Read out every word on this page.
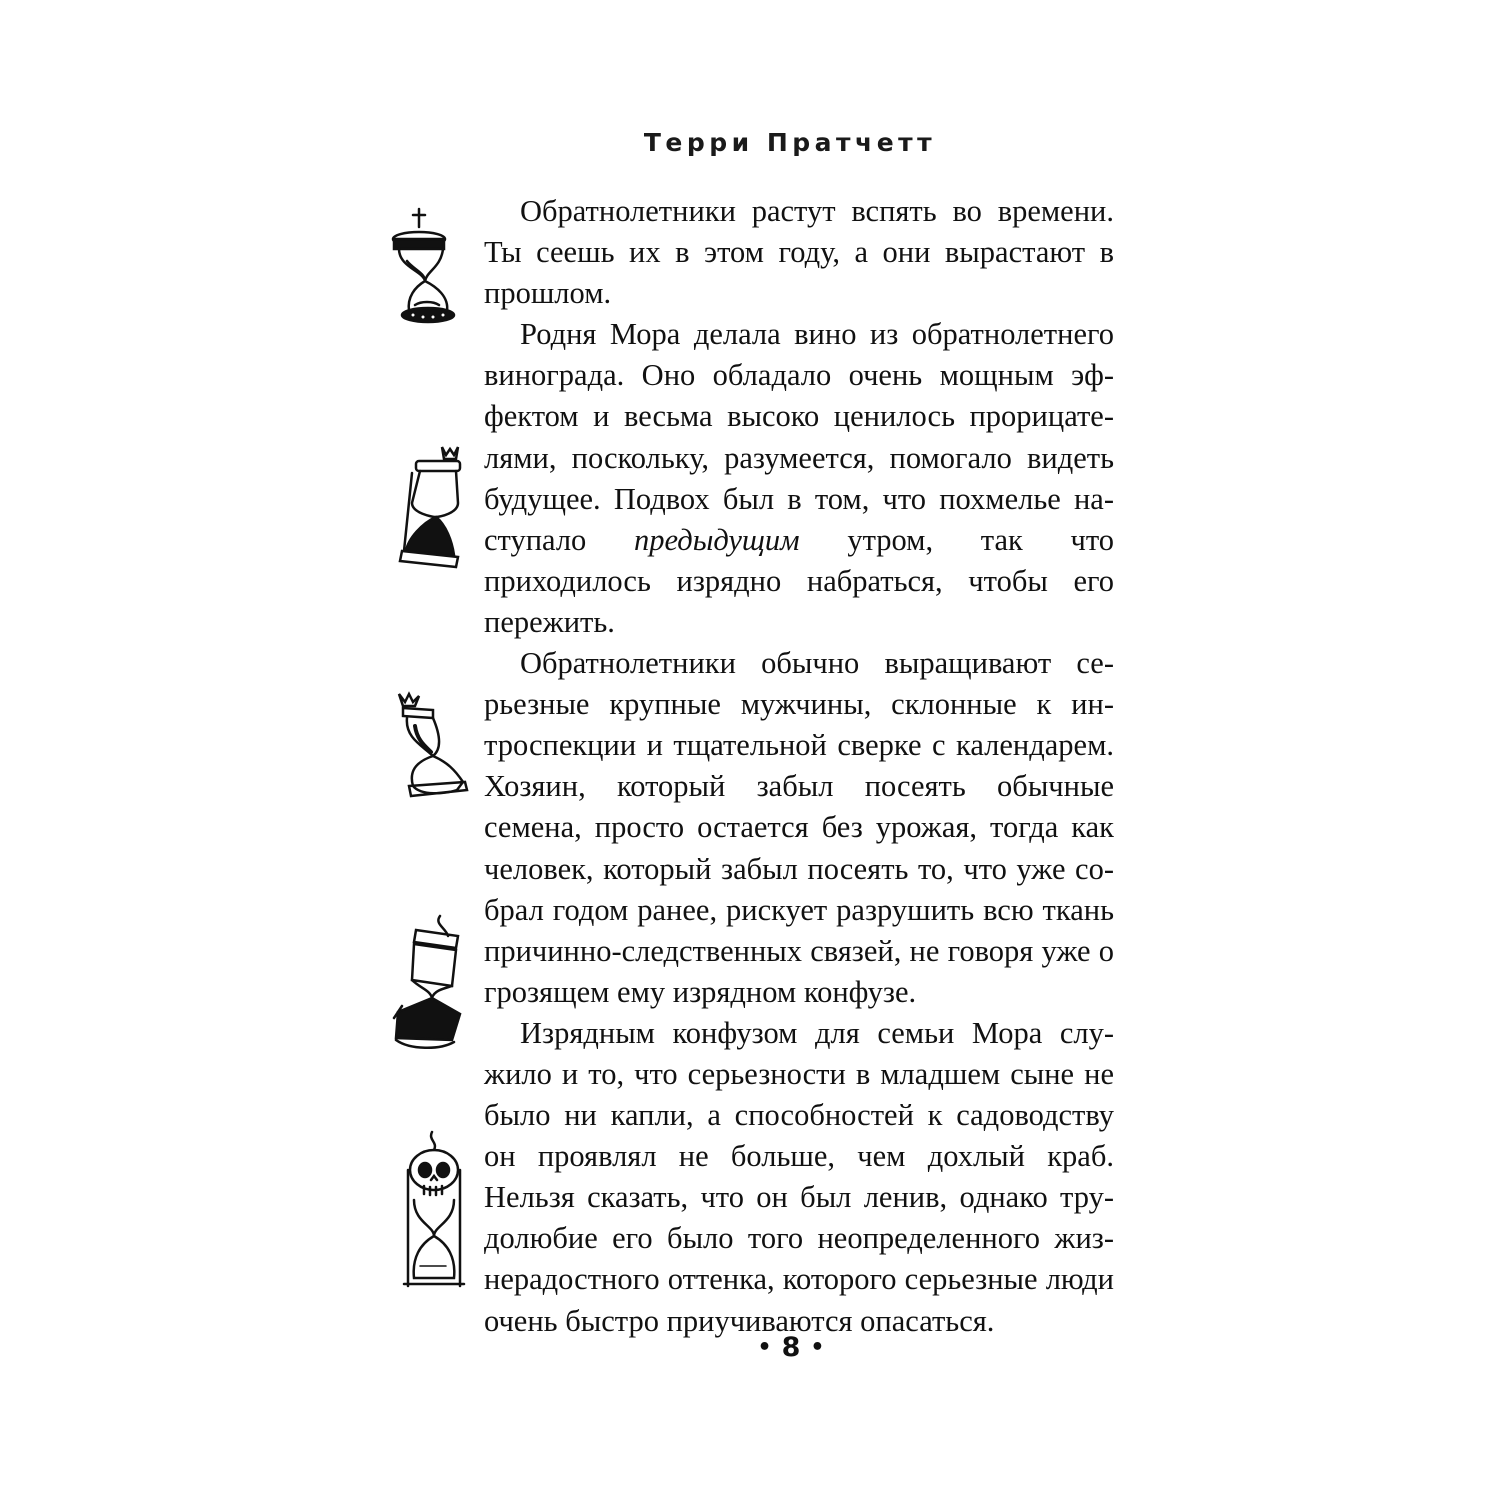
Терри Пратчетт

Обратнолетники растут вспять во времени. Ты сеешь их в этом году, а они вырастают в прошлом.

Родня Мора делала вино из обратнолетнего винограда. Оно обладало очень мощным эффектом и весьма высоко ценилось прорицателями, поскольку, разумеется, помогало видеть будущее. Подвох был в том, что похмелье наступало предыдущим утром, так что приходилось изрядно набраться, чтобы его пережить.

Обратнолетники обычно выращивают серьезные крупные мужчины, склонные к интроспекции и тщательной сверке с календарем. Хозяин, который забыл посеять обычные семена, просто остается без урожая, тогда как человек, который забыл посеять то, что уже собрал годом ранее, рискует разрушить всю ткань причинно-следственных связей, не говоря уже о грозящем ему изрядном конфузе.

Изрядным конфузом для семьи Мора служило и то, что серьезности в младшем сыне не было ни капли, а способностей к садоводству он проявлял не больше, чем дохлый краб. Нельзя сказать, что он был ленив, однако трудолюбие его было того неопределенного жизнерадостного оттенка, которого серьезные люди очень быстро приучиваются опасаться.

• 8 •
